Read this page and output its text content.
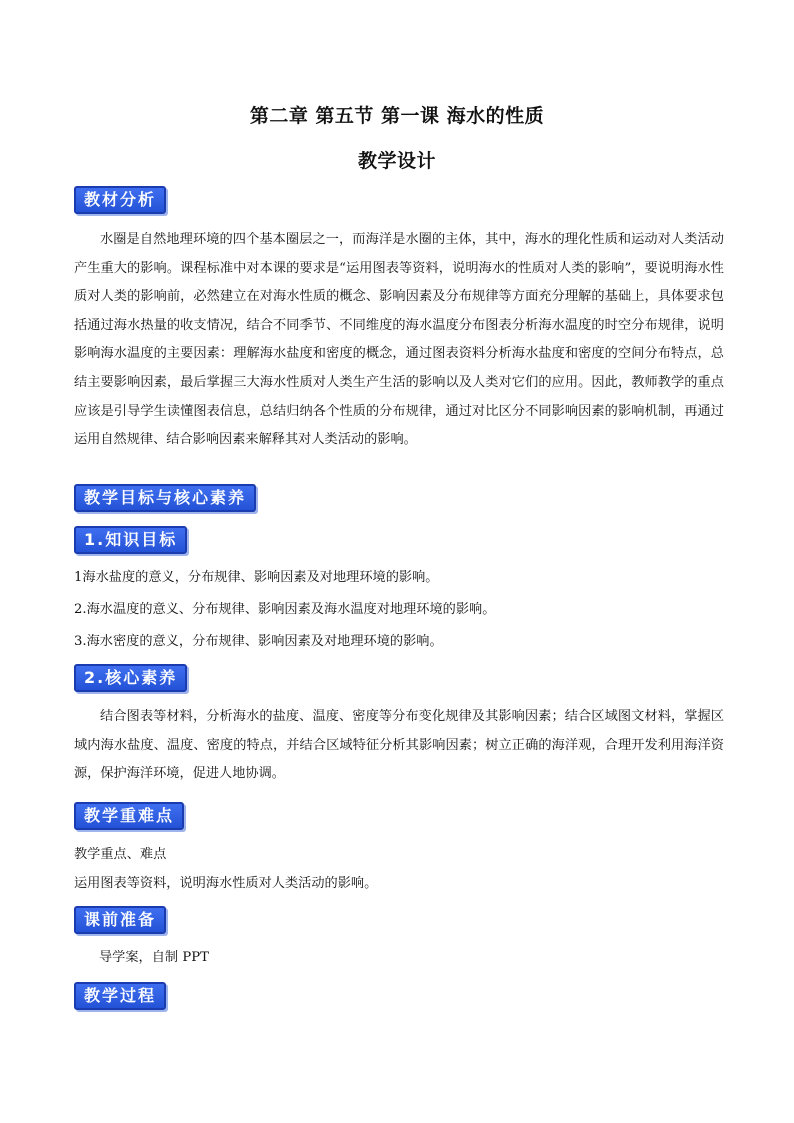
第二章 第五节 第一课 海水的性质
教学设计
教材分析

水圈是自然地理环境的四个基本圈层之一，而海洋是水圈的主体，其中，海水的理化性质和运动对人类活动产生重大的影响。课程标准中对本课的要求是“运用图表等资料，说明海水的性质对人类的影响”，要说明海水性质对人类的影响前，必然建立在对海水性质的概念、影响因素及分布规律等方面充分理解的基础上，具体要求包括通过海水热量的收支情况，结合不同季节、不同维度的海水温度分布图表分析海水温度的时空分布规律，说明影响海水温度的主要因素：理解海水盐度和密度的概念，通过图表资料分析海水盐度和密度的空间分布特点，总结主要影响因素，最后掌握三大海水性质对人类生产生活的影响以及人类对它们的应用。因此，教师教学的重点应该是引导学生读懂图表信息，总结归纳各个性质的分布规律，通过对比区分不同影响因素的影响机制，再通过运用自然规律、结合影响因素来解释其对人类活动的影响。

教学目标与核心素养
1.知识目标

1海水盐度的意义，分布规律、影响因素及对地理环境的影响。

2.海水温度的意义、分布规律、影响因素及海水温度对地理环境的影响。

3.海水密度的意义，分布规律、影响因素及对地理环境的影响。

2.核心素养

结合图表等材料，分析海水的盐度、温度、密度等分布变化规律及其影响因素；结合区域图文材料，掌握区域内海水盐度、温度、密度的特点，并结合区域特征分析其影响因素；树立正确的海洋观，合理开发利用海洋资源，保护海洋环境，促进人地协调。

教学重难点

教学重点、难点

运用图表等资料，说明海水性质对人类活动的影响。

课前准备

导学案，自制 PPT

教学过程
